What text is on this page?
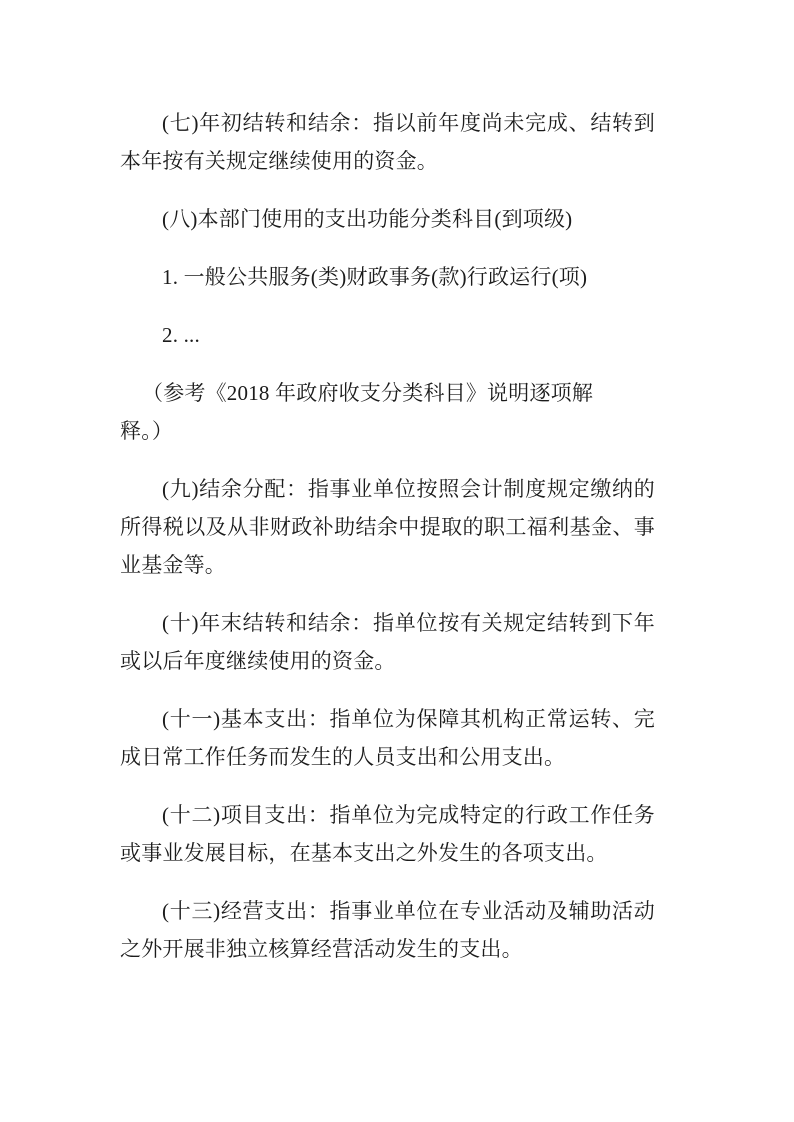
(七)年初结转和结余：指以前年度尚未完成、结转到
本年按有关规定继续使用的资金。
(八)本部门使用的支出功能分类科目(到项级)
1. 一般公共服务(类)财政事务(款)行政运行(项)
2. ...
（参考《2018 年政府收支分类科目》说明逐项解
释。）
(九)结余分配：指事业单位按照会计制度规定缴纳的
所得税以及从非财政补助结余中提取的职工福利基金、事
业基金等。
(十)年末结转和结余：指单位按有关规定结转到下年
或以后年度继续使用的资金。
(十一)基本支出：指单位为保障其机构正常运转、完
成日常工作任务而发生的人员支出和公用支出。
(十二)项目支出：指单位为完成特定的行政工作任务
或事业发展目标，在基本支出之外发生的各项支出。
(十三)经营支出：指事业单位在专业活动及辅助活动
之外开展非独立核算经营活动发生的支出。
